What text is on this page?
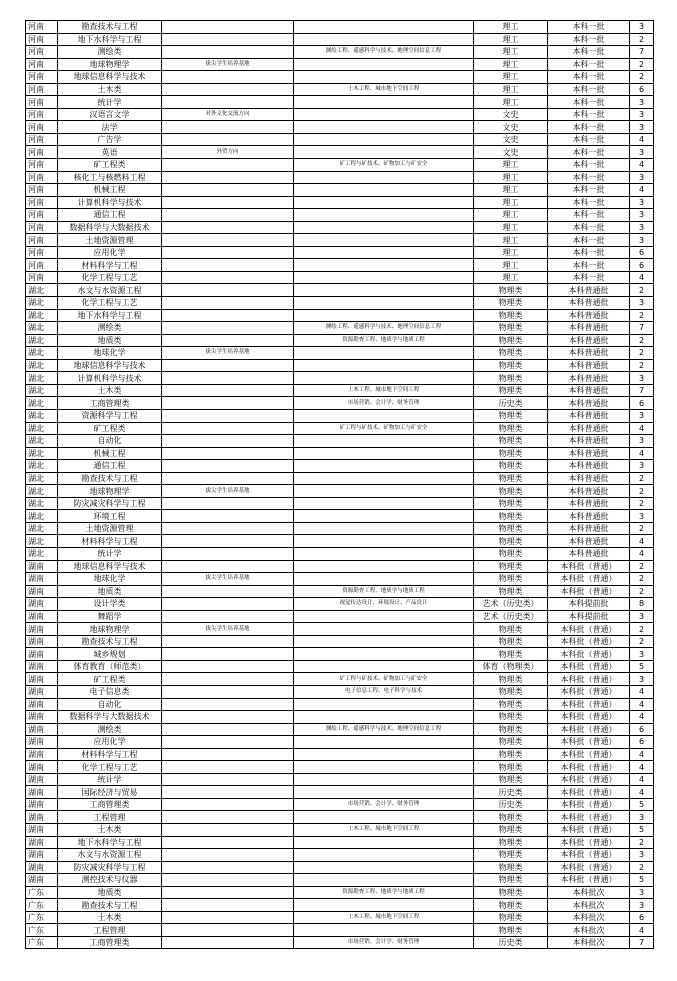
河南	勘查技术与工程			理工	本科一批	3
河南	地下水科学与工程			理工	本科一批	2
河南	测绘类		测绘工程、遥感科学与技术、地理空间信息工程	理工	本科一批	7
河南	地球物理学	拔尖学生培养基地		理工	本科一批	2
河南	地球信息科学与技术			理工	本科一批	2
河南	土木类		土木工程、城市地下空间工程	理工	本科一批	6
河南	统计学			理工	本科一批	3
河南	汉语言文学	对外文化交流方向		文史	本科一批	3
河南	法学			文史	本科一批	3
河南	广告学			文史	本科一批	4
河南	英语	外贸方向		文史	本科一批	3
河南	矿工程类		矿工程与矿技术、矿物加工与矿安全	理工	本科一批	4
河南	核化工与核燃料工程			理工	本科一批	3
河南	机械工程			理工	本科一批	4
河南	计算机科学与技术			理工	本科一批	3
河南	通信工程			理工	本科一批	3
河南	数据科学与大数据技术			理工	本科一批	3
河南	土地资源管理			理工	本科一批	3
河南	应用化学			理工	本科一批	6
河南	材料科学与工程			理工	本科一批	6
河南	化学工程与工艺			理工	本科一批	4
湖北	水文与水资源工程			物理类	本科普通批	2
湖北	化学工程与工艺			物理类	本科普通批	3
湖北	地下水科学与工程			物理类	本科普通批	2
湖北	测绘类		测绘工程、遥感科学与技术、地理空间信息工程	物理类	本科普通批	7
湖北	地质类		资源勘查工程、地质学与地质工程	物理类	本科普通批	2
湖北	地球化学	拔尖学生培养基地		物理类	本科普通批	2
湖北	地球信息科学与技术			物理类	本科普通批	2
湖北	计算机科学与技术			物理类	本科普通批	3
湖北	土木类		土木工程、城市地下空间工程	物理类	本科普通批	7
湖北	工商管理类		市场营销、会计学、财务管理	历史类	本科普通批	6
湖北	资源科学与工程			物理类	本科普通批	3
湖北	矿工程类		矿工程与矿技术、矿物加工与矿安全	物理类	本科普通批	4
湖北	自动化			物理类	本科普通批	3
湖北	机械工程			物理类	本科普通批	4
湖北	通信工程			物理类	本科普通批	3
湖北	勘查技术与工程			物理类	本科普通批	2
湖北	地球物理学	拔尖学生培养基地		物理类	本科普通批	2
湖北	防灾减灾科学与工程			物理类	本科普通批	2
湖北	环境工程			物理类	本科普通批	3
湖北	土地资源管理			物理类	本科普通批	2
湖北	材料科学与工程			物理类	本科普通批	4
湖北	统计学			物理类	本科普通批	4
湖南	地球信息科学与技术			物理类	本科批（普通）	2
湖南	地球化学	拔尖学生培养基地		物理类	本科批（普通）	2
湖南	地质类		资源勘查工程、地质学与地质工程	物理类	本科批（普通）	2
湖南	设计学类		视觉传达设计、环境设计、产品设计	艺术（历史类）	本科提前批	8
湖南	舞蹈学			艺术（历史类）	本科提前批	3
湖南	地球物理学	拔尖学生培养基地		物理类	本科批（普通）	2
湖南	勘查技术与工程			物理类	本科批（普通）	2
湖南	城乡规划			物理类	本科批（普通）	3
湖南	体育教育（师范类）			体育（物理类）	本科批（普通）	5
湖南	矿工程类		矿工程与矿技术、矿物加工与矿安全	物理类	本科批（普通）	3
湖南	电子信息类		电子信息工程、电子科学与技术	物理类	本科批（普通）	4
湖南	自动化			物理类	本科批（普通）	4
湖南	数据科学与大数据技术			物理类	本科批（普通）	4
湖南	测绘类		测绘工程、遥感科学与技术、地理空间信息工程	物理类	本科批（普通）	6
湖南	应用化学			物理类	本科批（普通）	6
湖南	材料科学与工程			物理类	本科批（普通）	4
湖南	化学工程与工艺			物理类	本科批（普通）	4
湖南	统计学			物理类	本科批（普通）	4
湖南	国际经济与贸易			历史类	本科批（普通）	4
湖南	工商管理类		市场营销、会计学、财务管理	历史类	本科批（普通）	5
湖南	工程管理			物理类	本科批（普通）	3
湖南	土木类		土木工程、城市地下空间工程	物理类	本科批（普通）	5
湖南	地下水科学与工程			物理类	本科批（普通）	2
湖南	水文与水资源工程			物理类	本科批（普通）	3
湖南	防灾减灾科学与工程			物理类	本科批（普通）	2
湖南	测控技术与仪器			物理类	本科批（普通）	5
广东	地质类		资源勘查工程、地质学与地质工程	物理类	本科批次	3
广东	勘查技术与工程			物理类	本科批次	3
广东	土木类		土木工程、城市地下空间工程	物理类	本科批次	6
广东	工程管理			物理类	本科批次	4
广东	工商管理类		市场营销、会计学、财务管理	历史类	本科批次	7
